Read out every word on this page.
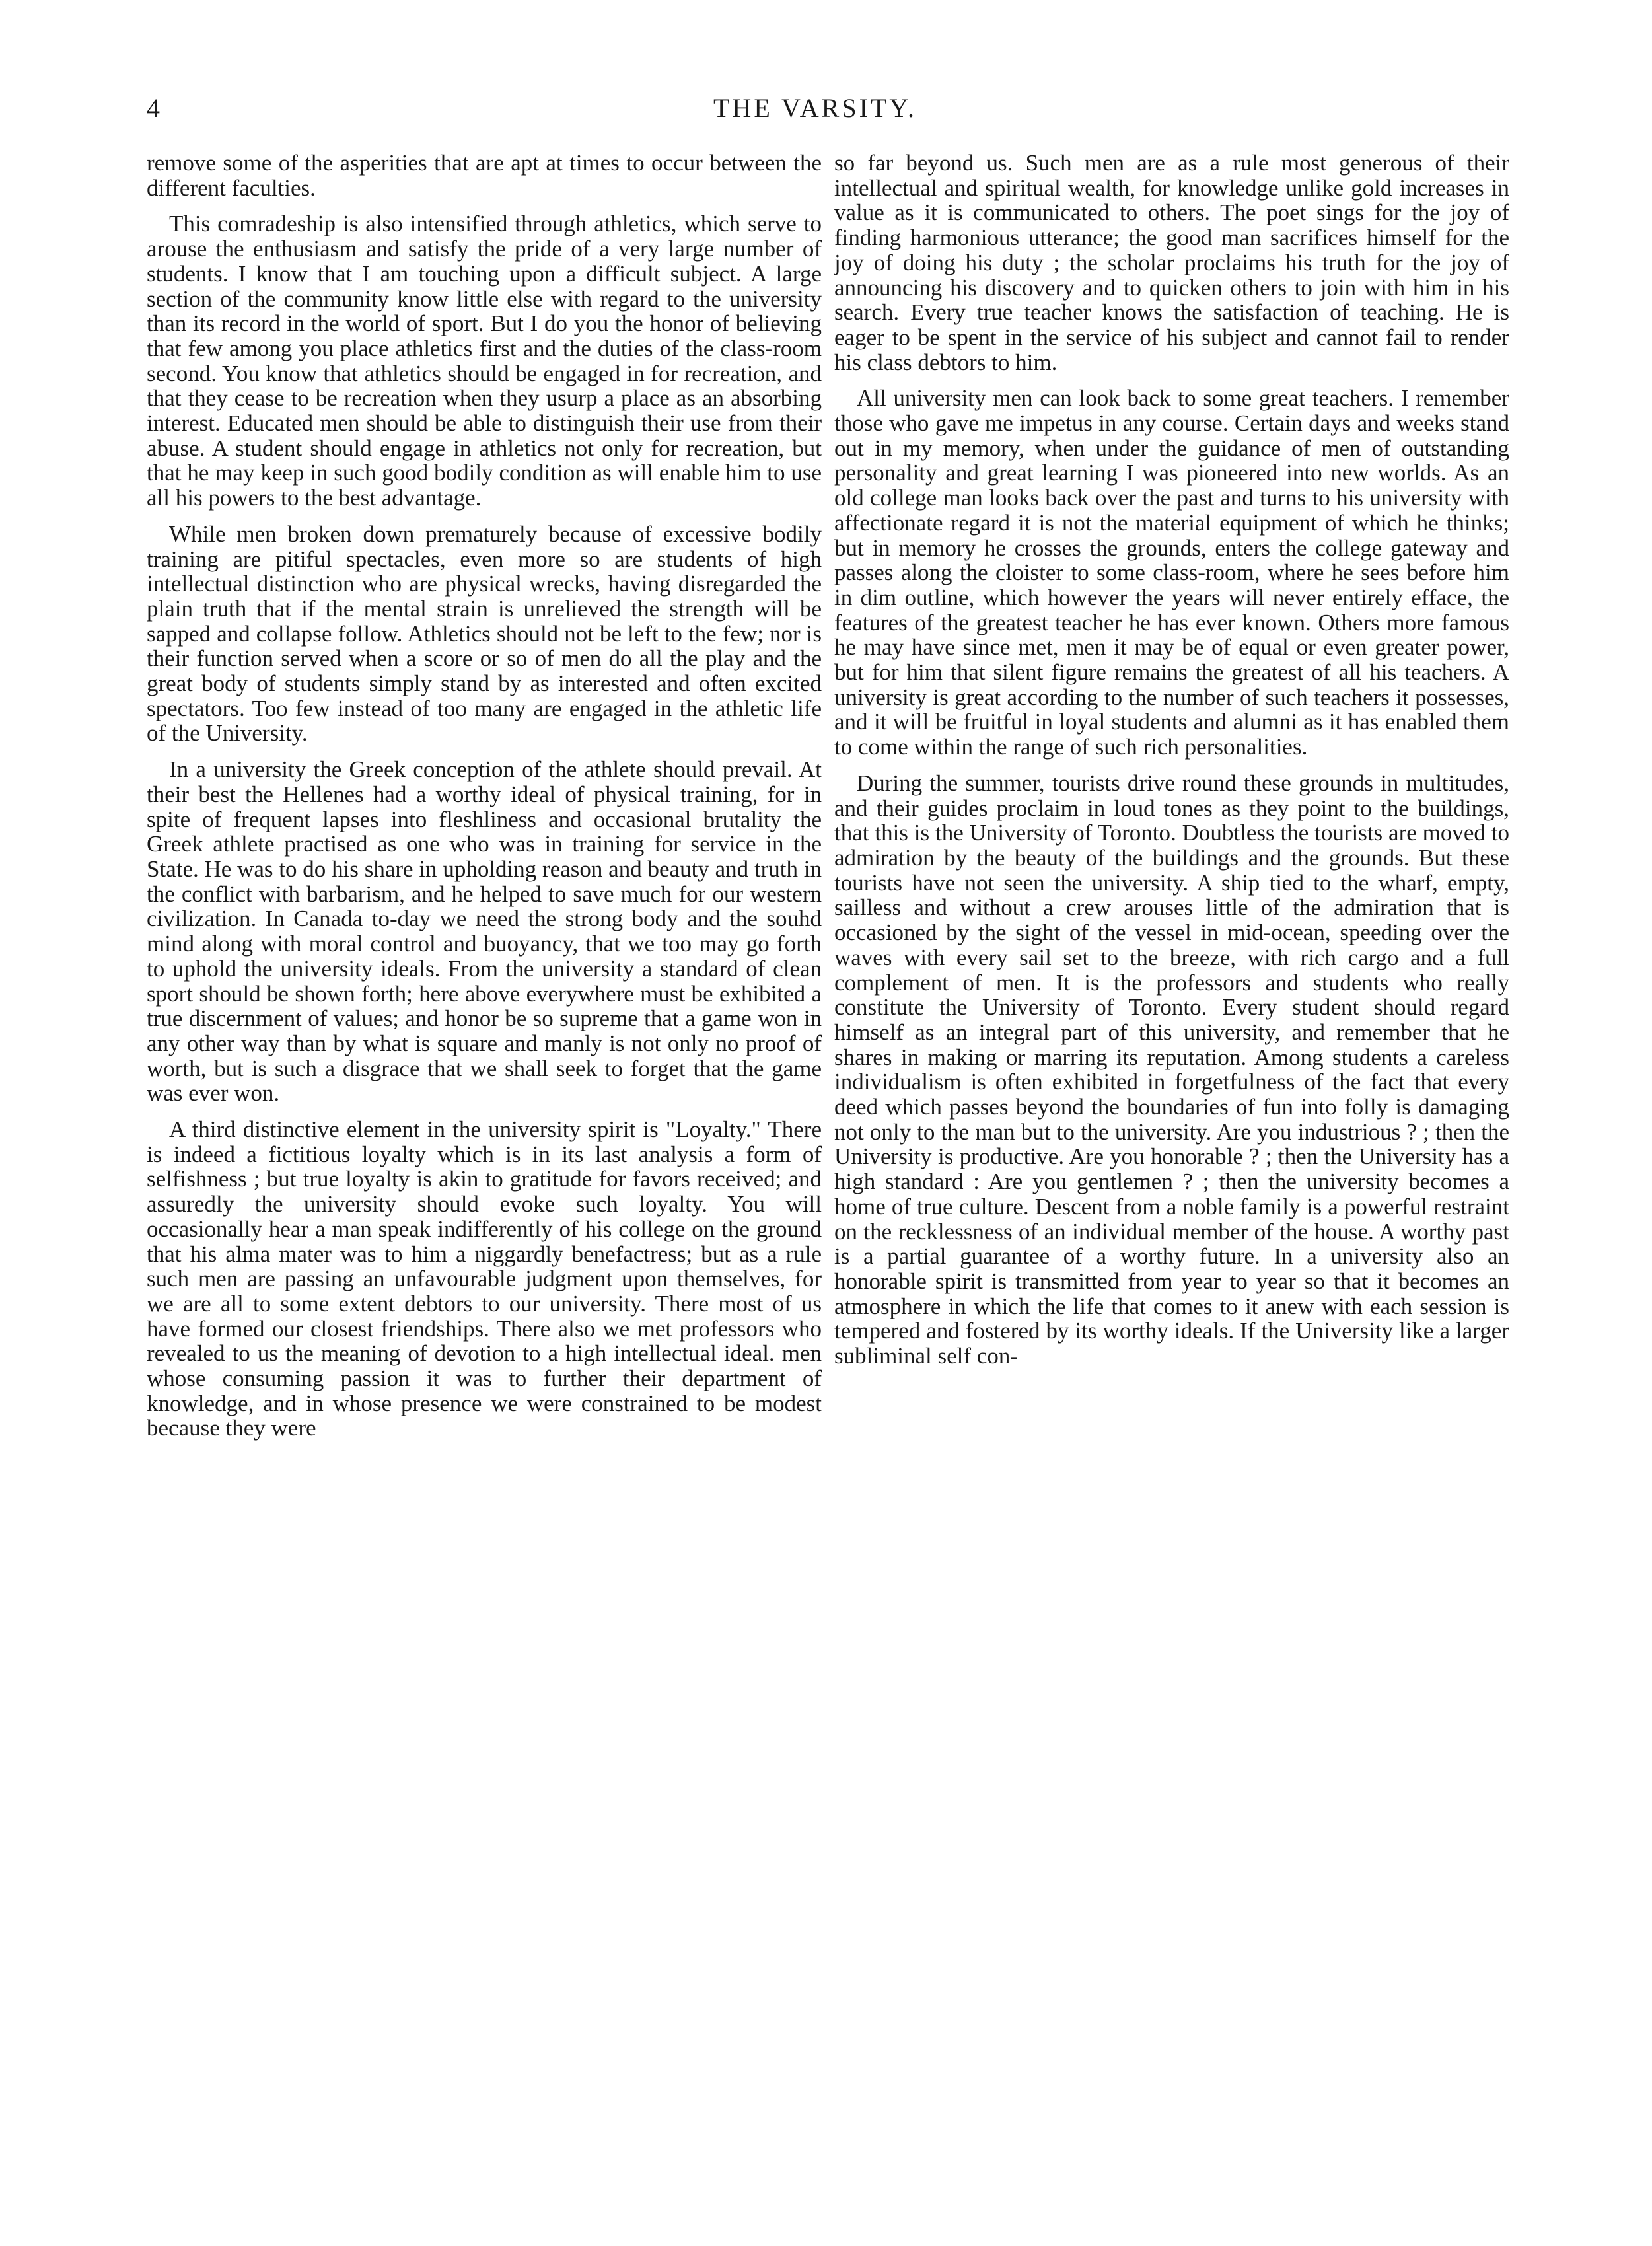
4	THE VARSITY.

remove some of the asperities that are apt at times to occur between the different faculties.

This comradeship is also intensified through athletics, which serve to arouse the enthusiasm and satisfy the pride of a very large number of students. I know that I am touching upon a difficult subject. A large section of the community know little else with regard to the university than its record in the world of sport. But I do you the honor of believing that few among you place athletics first and the duties of the class-room second. You know that athletics should be engaged in for recreation, and that they cease to be recreation when they usurp a place as an absorbing interest. Educated men should be able to distinguish their use from their abuse. A student should engage in athletics not only for recreation, but that he may keep in such good bodily condition as will enable him to use all his powers to the best advantage.

While men broken down prematurely because of excessive bodily training are pitiful spectacles, even more so are students of high intellectual distinction who are physical wrecks, having disregarded the plain truth that if the mental strain is unrelieved the strength will be sapped and collapse follow. Athletics should not be left to the few; nor is their function served when a score or so of men do all the play and the great body of students simply stand by as interested and often excited spectators. Too few instead of too many are engaged in the athletic life of the University.

In a university the Greek conception of the athlete should prevail. At their best the Hellenes had a worthy ideal of physical training, for in spite of frequent lapses into fleshliness and occasional brutality the Greek athlete practised as one who was in training for service in the State. He was to do his share in upholding reason and beauty and truth in the conflict with barbarism, and he helped to save much for our western civilization. In Canada to-day we need the strong body and the souhd mind along with moral control and buoyancy, that we too may go forth to uphold the university ideals. From the university a standard of clean sport should be shown forth; here above everywhere must be exhibited a true discernment of values; and honor be so supreme that a game won in any other way than by what is square and manly is not only no proof of worth, but is such a disgrace that we shall seek to forget that the game was ever won.

A third distinctive element in the university spirit is "Loyalty." There is indeed a fictitious loyalty which is in its last analysis a form of selfishness ; but true loyalty is akin to gratitude for favors received; and assuredly the university should evoke such loyalty. You will occasionally hear a man speak indifferently of his college on the ground that his alma mater was to him a niggardly benefactress; but as a rule such men are passing an unfavourable judgment upon themselves, for we are all to some extent debtors to our university. There most of us have formed our closest friendships. There also we met professors who revealed to us the meaning of devotion to a high intellectual ideal. men whose consuming passion it was to further their department of knowledge, and in whose presence we were constrained to be modest because they were

so far beyond us. Such men are as a rule most generous of their intellectual and spiritual wealth, for knowledge unlike gold increases in value as it is communicated to others. The poet sings for the joy of finding harmonious utterance; the good man sacrifices himself for the joy of doing his duty ; the scholar proclaims his truth for the joy of announcing his discovery and to quicken others to join with him in his search. Every true teacher knows the satisfaction of teaching. He is eager to be spent in the service of his subject and cannot fail to render his class debtors to him.

All university men can look back to some great teachers. I remember those who gave me impetus in any course. Certain days and weeks stand out in my memory, when under the guidance of men of outstanding personality and great learning I was pioneered into new worlds. As an old college man looks back over the past and turns to his university with affectionate regard it is not the material equipment of which he thinks; but in memory he crosses the grounds, enters the college gateway and passes along the cloister to some class-room, where he sees before him in dim outline, which however the years will never entirely efface, the features of the greatest teacher he has ever known. Others more famous he may have since met, men it may be of equal or even greater power, but for him that silent figure remains the greatest of all his teachers. A university is great according to the number of such teachers it possesses, and it will be fruitful in loyal students and alumni as it has enabled them to come within the range of such rich personalities.

During the summer, tourists drive round these grounds in multitudes, and their guides proclaim in loud tones as they point to the buildings, that this is the University of Toronto. Doubtless the tourists are moved to admiration by the beauty of the buildings and the grounds. But these tourists have not seen the university. A ship tied to the wharf, empty, sailless and without a crew arouses little of the admiration that is occasioned by the sight of the vessel in mid-ocean, speeding over the waves with every sail set to the breeze, with rich cargo and a full complement of men. It is the professors and students who really constitute the University of Toronto. Every student should regard himself as an integral part of this university, and remember that he shares in making or marring its reputation. Among students a careless individualism is often exhibited in forgetfulness of the fact that every deed which passes beyond the boundaries of fun into folly is damaging not only to the man but to the university. Are you industrious ? ; then the University is productive. Are you honorable ? ; then the University has a high standard : Are you gentlemen ? ; then the university becomes a home of true culture. Descent from a noble family is a powerful restraint on the recklessness of an individual member of the house. A worthy past is a partial guarantee of a worthy future. In a university also an honorable spirit is transmitted from year to year so that it becomes an atmosphere in which the life that comes to it anew with each session is tempered and fostered by its worthy ideals. If the University like a larger subliminal self con-
